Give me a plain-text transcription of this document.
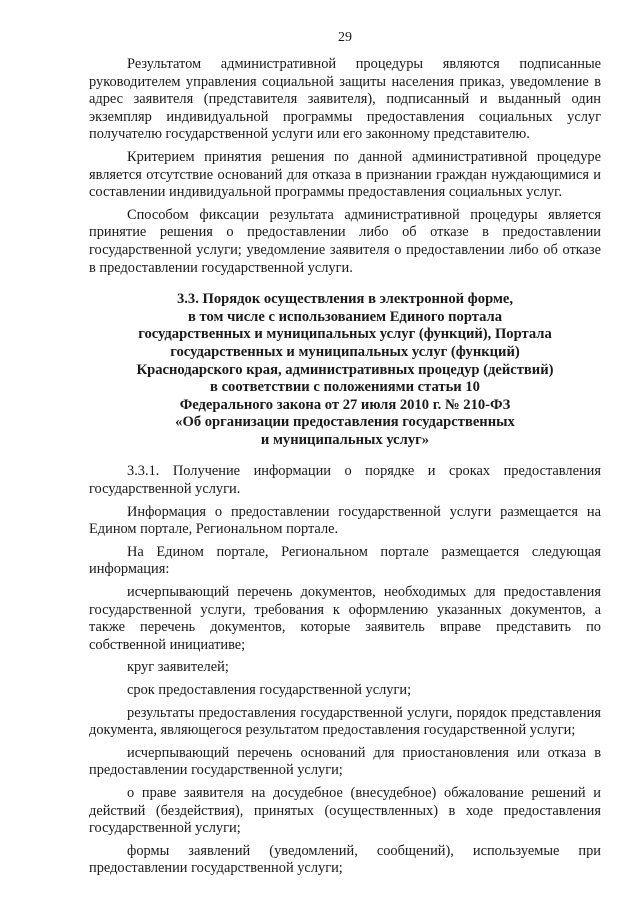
29

Результатом административной процедуры являются подписанные руководителем управления социальной защиты населения приказ, уведомление в адрес заявителя (представителя заявителя), подписанный и выданный один экземпляр индивидуальной программы предоставления социальных услуг получателю государственной услуги или его законному представителю.

Критерием принятия решения по данной административной процедуре является отсутствие оснований для отказа в признании граждан нуждающимися и составлении индивидуальной программы предоставления социальных услуг.

Способом фиксации результата административной процедуры является принятие решения о предоставлении либо об отказе в предоставлении государственной услуги; уведомление заявителя о предоставлении либо об отказе в предоставлении государственной услуги.

3.3. Порядок осуществления в электронной форме,
в том числе с использованием Единого портала
государственных и муниципальных услуг (функций), Портала
государственных и муниципальных услуг (функций)
Краснодарского края, административных процедур (действий)
в соответствии с положениями статьи 10
Федерального закона от 27 июля 2010 г. № 210-ФЗ
«Об организации предоставления государственных
и муниципальных услуг»

3.3.1. Получение информации о порядке и сроках предоставления государственной услуги.

Информация о предоставлении государственной услуги размещается на Едином портале, Региональном портале.

На Едином портале, Региональном портале размещается следующая информация:

исчерпывающий перечень документов, необходимых для предоставления государственной услуги, требования к оформлению указанных документов, а также перечень документов, которые заявитель вправе представить по собственной инициативе;

круг заявителей;

срок предоставления государственной услуги;

результаты предоставления государственной услуги, порядок представления документа, являющегося результатом предоставления государственной услуги;

исчерпывающий перечень оснований для приостановления или отказа в предоставлении государственной услуги;

о праве заявителя на досудебное (внесудебное) обжалование решений и действий (бездействия), принятых (осуществленных) в ходе предоставления государственной услуги;

формы заявлений (уведомлений, сообщений), используемые при предоставлении государственной услуги;
